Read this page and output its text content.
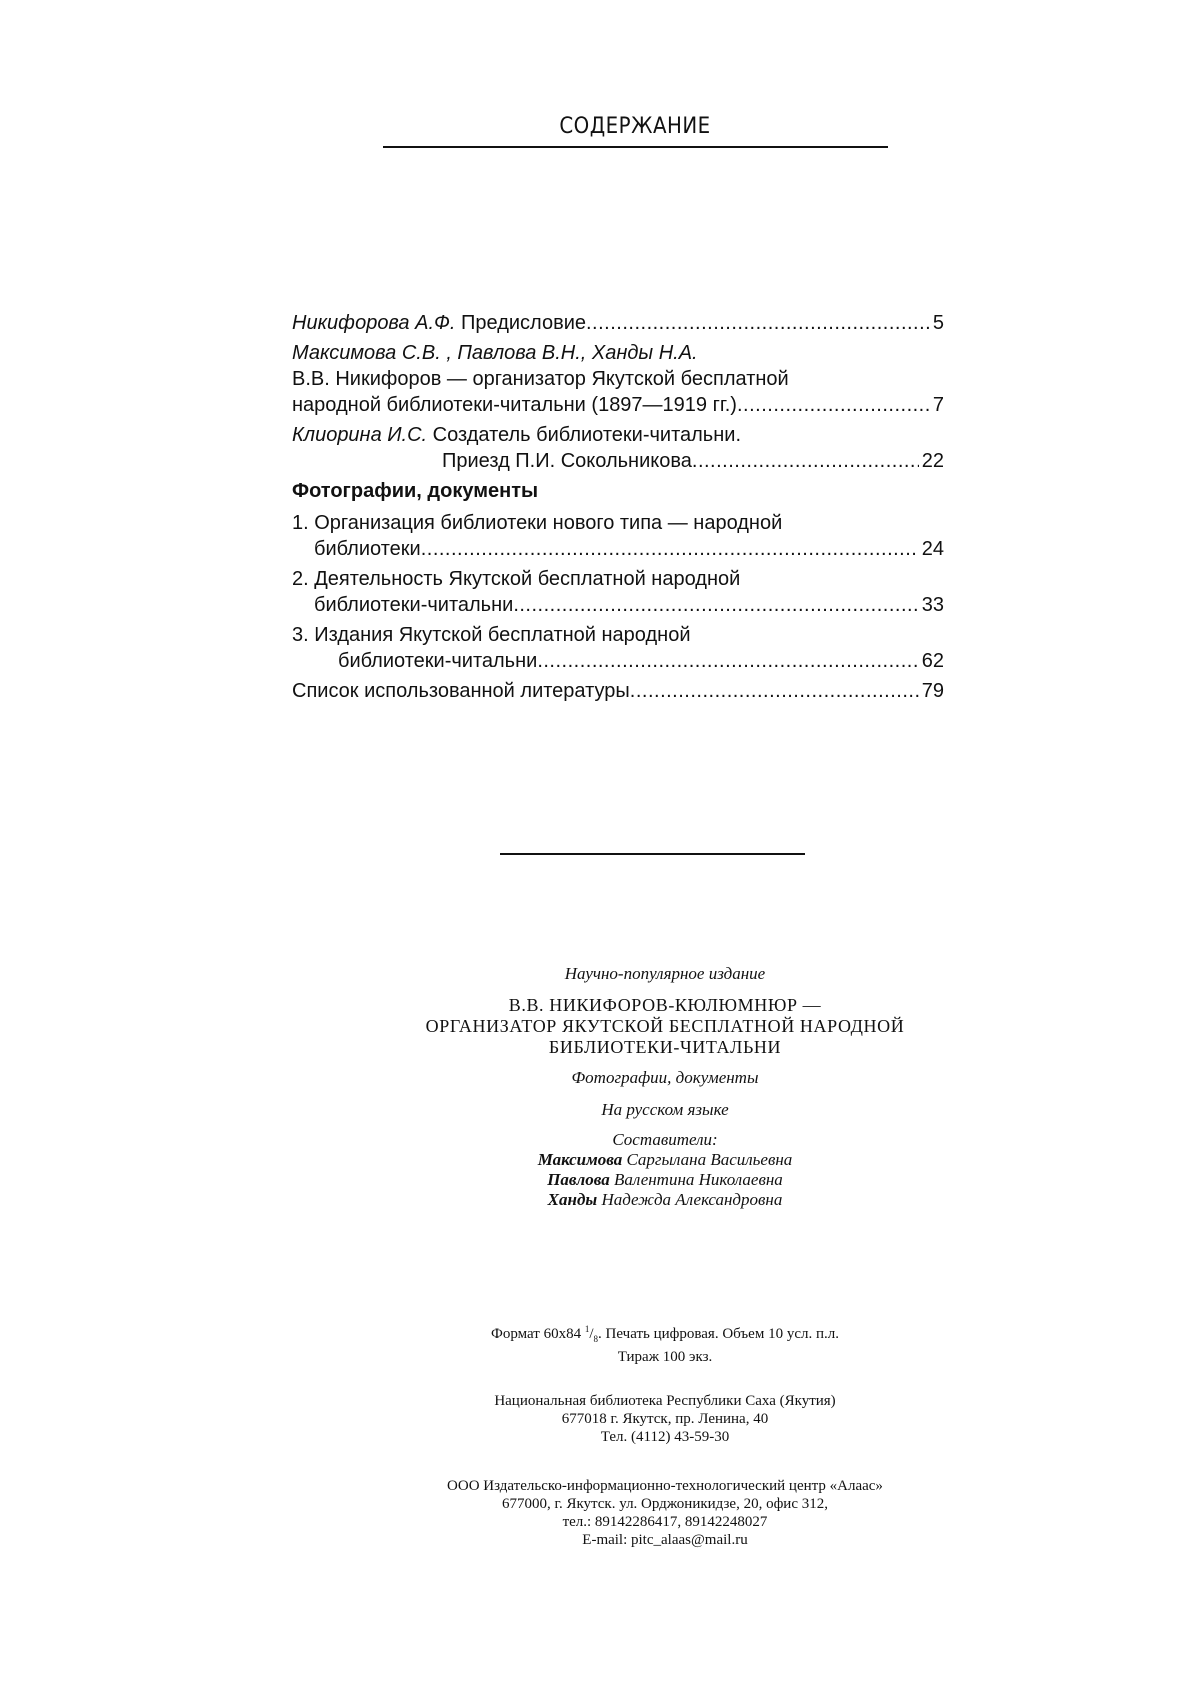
СОДЕРЖАНИЕ
Никифорова А.Ф. Предисловие .....	5
Максимова С.В. , Павлова В.Н., Ханды Н.А.
В.В. Никифоров — организатор Якутской бесплатной
народной библиотеки-читальни (1897—1919 гг.) .....	7
Клиорина И.С. Создатель библиотеки-читальни.
Приезд П.И. Сокольникова .....	22
Фотографии, документы
1. Организация библиотеки нового типа — народной
библиотеки .....	24
2. Деятельность Якутской бесплатной народной
библиотеки-читальни .....	33
3. Издания Якутской бесплатной народной
библиотеки-читальни .....	62
Список использованной литературы .....	79
Научно-популярное издание
В.В. НИКИФОРОВ-КЮЛЮМНЮР —
ОРГАНИЗАТОР ЯКУТСКОЙ БЕСПЛАТНОЙ НАРОДНОЙ
БИБЛИОТЕКИ-ЧИТАЛЬНИ
Фотографии, документы
На русском языке
Составители:
Максимова Саргылана Васильевна
Павлова Валентина Николаевна
Ханды Надежда Александровна
Формат 60х84 $^1/_8$. Печать цифровая. Объем 10 усл. п.л.
Тираж 100 экз.
Национальная библиотека Республики Саха (Якутия)
677018 г. Якутск, пр. Ленина, 40
Тел. (4112) 43-59-30
ООО Издательско-информационно-технологический центр «Алаас»
677000, г. Якутск. ул. Орджоникидзе, 20, офис 312,
тел.: 89142286417, 89142248027
E-mail: pitc_alaas@mail.ru
